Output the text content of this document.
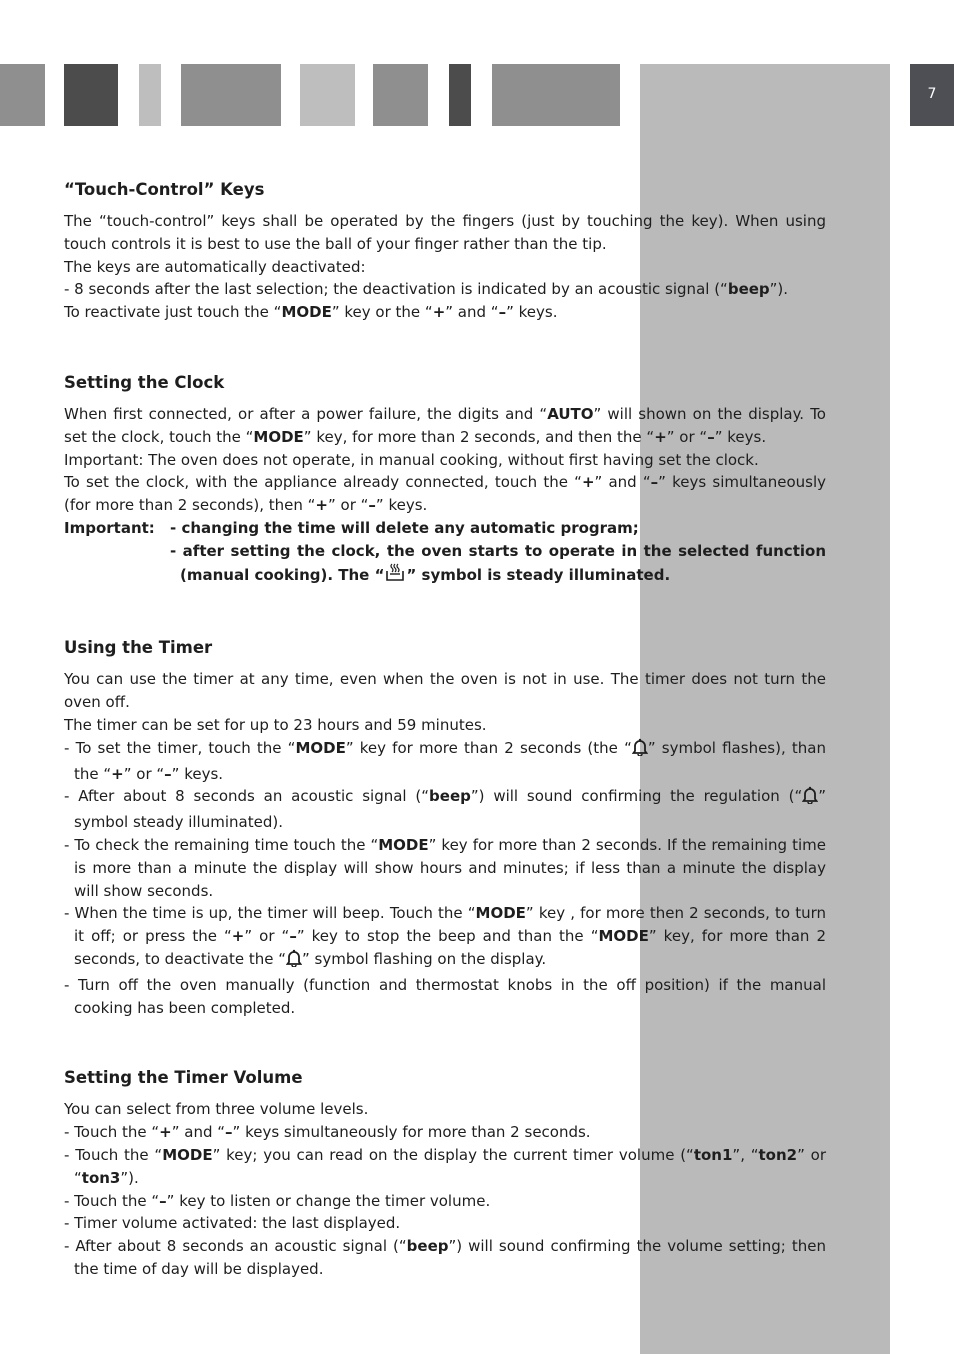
7
“Touch-Control” Keys

The “touch-control” keys shall be operated by the fingers (just by touching the key). When using touch controls it is best to use the ball of your finger rather than the tip.

The keys are automatically deactivated:

- 8 seconds after the last selection; the deactivation is indicated by an acoustic signal (“beep”).

To reactivate just touch the “MODE” key or the “+” and “–” keys.

Setting the Clock

When first connected, or after a power failure, the digits and “AUTO” will shown on the display. To set the clock, touch the “MODE” key, for more than 2 seconds, and then the “+” or “–” keys.

Important: The oven does not operate, in manual cooking, without first having set the clock.

To set the clock, with the appliance already connected, touch the “+” and “–” keys simultaneously (for more than 2 seconds), then “+” or “–” keys.

Important:	- changing the time will delete any automatic program;
- after setting the clock, the oven starts to operate in the selected function (manual cooking). The “ ” symbol is steady illuminated.
Using the Timer

You can use the timer at any time, even when the oven is not in use. The timer does not turn the oven off.

The timer can be set for up to 23 hours and 59 minutes.

- To set the timer, touch the “MODE” key for more than 2 seconds (the “ ” symbol flashes), than the “+” or “–” keys.

- After about 8 seconds an acoustic signal (“beep”) will sound confirming the regulation (“ ” symbol steady illuminated).

- To check the remaining time touch the “MODE” key for more than 2 seconds. If the remaining time is more than a minute the display will show hours and minutes; if less than a minute the display will show seconds.

- When the time is up, the timer will beep. Touch the “MODE” key , for more then 2 seconds, to turn it off; or press the “+” or “–” key to stop the beep and than the “MODE” key, for more than 2 seconds, to deactivate the “ ” symbol flashing on the display.

- Turn off the oven manually (function and thermostat knobs in the off position) if the manual cooking has been completed.

Setting the Timer Volume

You can select from three volume levels.

- Touch the “+” and “–” keys simultaneously for more than 2 seconds.

- Touch the “MODE” key; you can read on the display the current timer volume (“ton1”, “ton2” or “ton3”).

- Touch the “–” key to listen or change the timer volume.

- Timer volume activated: the last displayed.

- After about 8 seconds an acoustic signal (“beep”) will sound confirming the volume setting; then the time of day will be displayed.
